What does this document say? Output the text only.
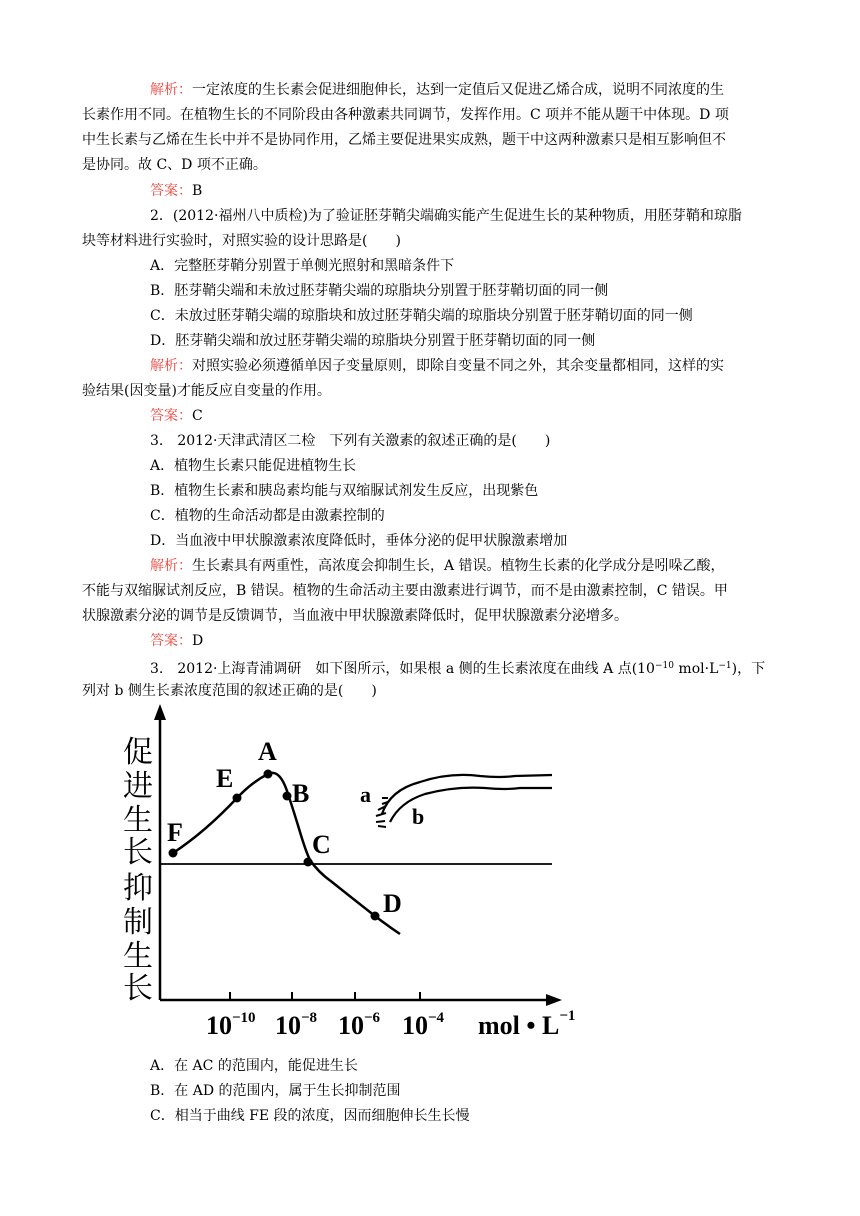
解析：一定浓度的生长素会促进细胞伸长，达到一定值后又促进乙烯合成，说明不同浓度的生
长素作用不同。在植物生长的不同阶段由各种激素共同调节，发挥作用。C 项并不能从题干中体现。D 项
中生长素与乙烯在生长中并不是协同作用，乙烯主要促进果实成熟，题干中这两种激素只是相互影响但不
是协同。故 C、D 项不正确。
答案：B
2．(2012·福州八中质检)为了验证胚芽鞘尖端确实能产生促进生长的某种物质，用胚芽鞘和琼脂
块等材料进行实验时，对照实验的设计思路是(　　)
A．完整胚芽鞘分别置于单侧光照射和黑暗条件下
B．胚芽鞘尖端和未放过胚芽鞘尖端的琼脂块分别置于胚芽鞘切面的同一侧
C．未放过胚芽鞘尖端的琼脂块和放过胚芽鞘尖端的琼脂块分别置于胚芽鞘切面的同一侧
D．胚芽鞘尖端和放过胚芽鞘尖端的琼脂块分别置于胚芽鞘切面的同一侧
解析：对照实验必须遵循单因子变量原则，即除自变量不同之外，其余变量都相同，这样的实
验结果(因变量)才能反应自变量的作用。
答案：C
3.　2012·天津武清区二检　下列有关激素的叙述正确的是(　　)
A．植物生长素只能促进植物生长
B．植物生长素和胰岛素均能与双缩脲试剂发生反应，出现紫色
C．植物的生命活动都是由激素控制的
D．当血液中甲状腺激素浓度降低时，垂体分泌的促甲状腺激素增加
解析：生长素具有两重性，高浓度会抑制生长，A 错误。植物生长素的化学成分是吲哚乙酸，
不能与双缩脲试剂反应，B 错误。植物的生命活动主要由激素进行调节，而不是由激素控制，C 错误。甲
状腺激素分泌的调节是反馈调节，当血液中甲状腺激素降低时，促甲状腺激素分泌增多。
答案：D
3.　2012·上海青浦调研　如下图所示，如果根 a 侧的生长素浓度在曲线 A 点($10^{-10}$ $mol\cdot L^{-1}$)，下
列对 b 侧生长素浓度范围的叙述正确的是(　　)
促
进
生
长
抑
制
生
长
F
E
A
B
C
D
a
b
$10^{-10}$ $10^{-8}$ $10^{-6}$ $10^{-4}$ mol • $L^{-1}$
A．在 AC 的范围内，能促进生长
B．在 AD 的范围内，属于生长抑制范围
C．相当于曲线 FE 段的浓度，因而细胞伸长生长慢
